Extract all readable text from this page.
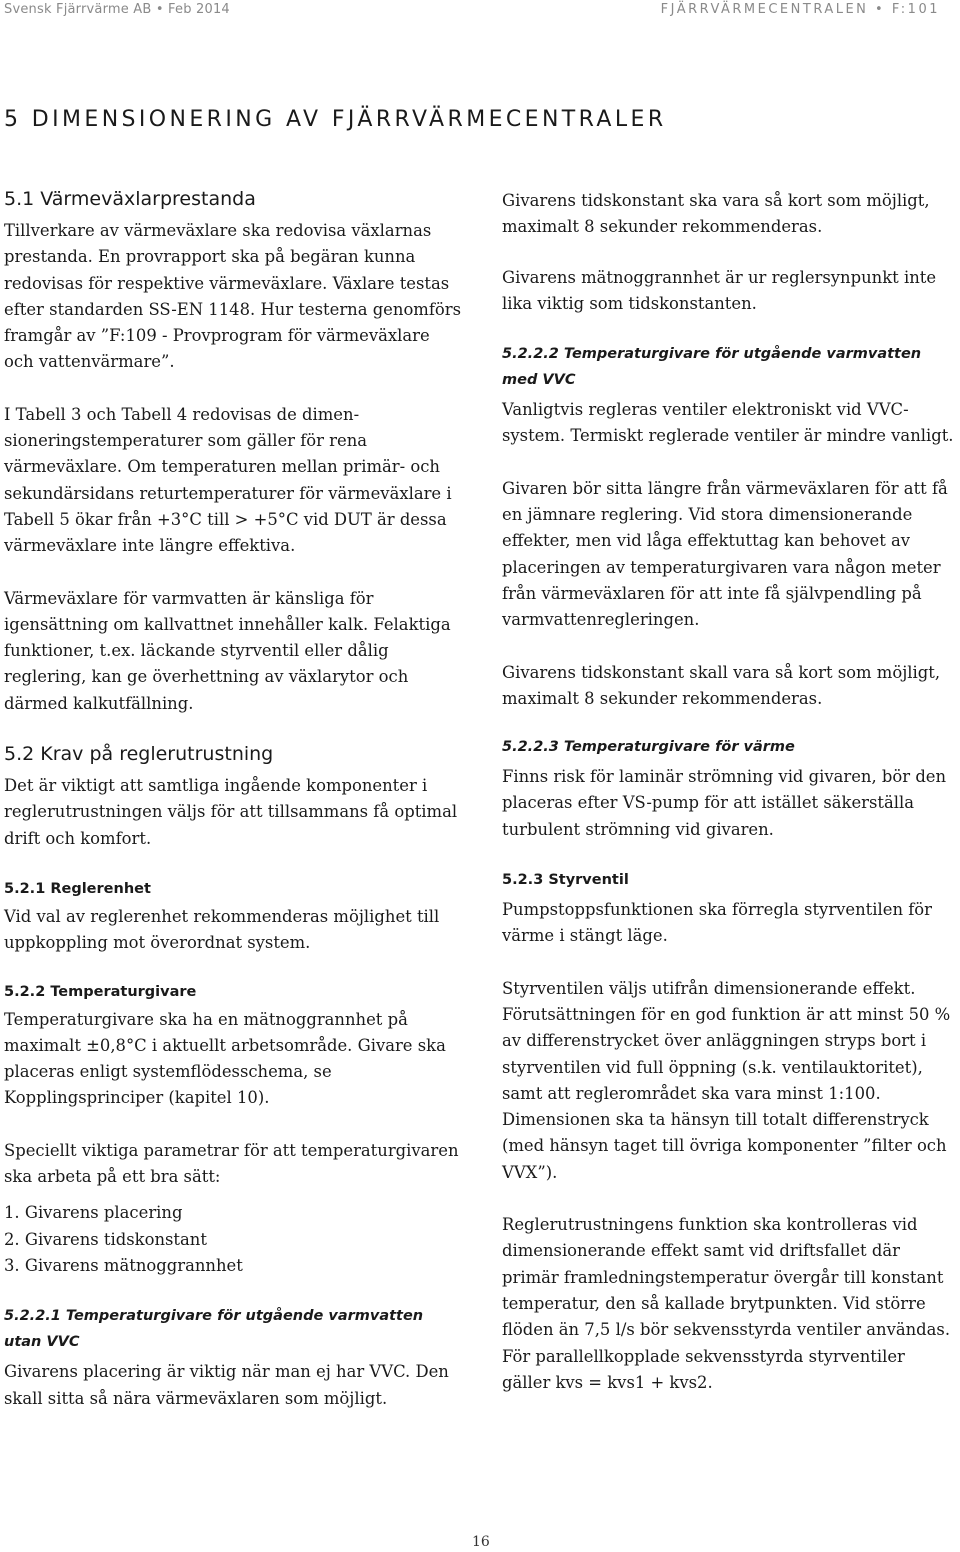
Svensk Fjärrvärme AB • Feb 2014	FJÄRRVÄRMECENTRALEN • F:101
5 DIMENSIONERING AV FJÄRRVÄRMECENTRALER
5.1 Värmeväxlarprestanda

Tillverkare av värmeväxlare ska redovisa växlarnas prestanda. En provrapport ska på begäran kunna redovisas för respektive värmeväxlare. Växlare testas efter standarden SS-EN 1148. Hur testerna genomförs framgår av ”F:109 - Provprogram för värmeväxlare och vattenvärmare”.

I Tabell 3 och Tabell 4 redovisas de dimensioneringstemperaturer som gäller för rena värmeväxlare. Om temperaturen mellan primär- och sekundärsidans returtemperaturer för värmeväxlare i Tabell 5 ökar från +3°C till > +5°C vid DUT är dessa värmeväxlare inte längre effektiva.

Värmeväxlare för varmvatten är känsliga för igensättning om kallvattnet innehåller kalk. Felaktiga funktioner, t.ex. läckande styrventil eller dålig reglering, kan ge överhettning av växlarytor och därmed kalkutfällning.

5.2 Krav på reglerutrustning

Det är viktigt att samtliga ingående komponenter i reglerutrustningen väljs för att tillsammans få optimal drift och komfort.

5.2.1 Reglerenhet

Vid val av reglerenhet rekommenderas möjlighet till uppkoppling mot överordnat system.

5.2.2 Temperaturgivare

Temperaturgivare ska ha en mätnoggrannhet på maximalt ±0,8°C i aktuellt arbetsområde. Givare ska placeras enligt systemflödesschema, se Kopplingsprinciper (kapitel 10).

Speciellt viktiga parametrar för att temperaturgivaren ska arbeta på ett bra sätt:

1. Givarens placering
2. Givarens tidskonstant
3. Givarens mätnoggrannhet
5.2.2.1 Temperaturgivare för utgående varmvatten utan VVC

Givarens placering är viktig när man ej har VVC. Den skall sitta så nära värmeväxlaren som möjligt.

Givarens tidskonstant ska vara så kort som möjligt, maximalt 8 sekunder rekommenderas.

Givarens mätnoggrannhet är ur reglersynpunkt inte lika viktig som tidskonstanten.

5.2.2.2 Temperaturgivare för utgående varmvatten med VVC

Vanligtvis regleras ventiler elektroniskt vid VVC-system. Termiskt reglerade ventiler är mindre vanligt.

Givaren bör sitta längre från värmeväxlaren för att få en jämnare reglering. Vid stora dimensionerande effekter, men vid låga effektuttag kan behovet av placeringen av temperaturgivaren vara någon meter från värmeväxlaren för att inte få självpendling på varmvattenregleringen.

Givarens tidskonstant skall vara så kort som möjligt, maximalt 8 sekunder rekommenderas.

5.2.2.3 Temperaturgivare för värme

Finns risk för laminär strömning vid givaren, bör den placeras efter VS-pump för att istället säkerställa turbulent strömning vid givaren.

5.2.3 Styrventil

Pumpstoppsfunktionen ska förregla styrventilen för värme i stängt läge.

Styrventilen väljs utifrån dimensionerande effekt. Förutsättningen för en god funktion är att minst 50 % av differenstrycket över anläggningen stryps bort i styrventilen vid full öppning (s.k. ventilauktoritet), samt att reglerområdet ska vara minst 1:100. Dimensionen ska ta hänsyn till totalt differenstryck (med hänsyn taget till övriga komponenter ”filter och VVX”).

Reglerutrustningens funktion ska kontrolleras vid dimensionerande effekt samt vid driftsfallet där primär framledningstemperatur övergår till konstant temperatur, den så kallade brytpunkten. Vid större flöden än 7,5 l/s bör sekvensstyrda ventiler användas. För parallellkopplade sekvensstyrda styrventiler gäller kvs = kvs1 + kvs2.

16
